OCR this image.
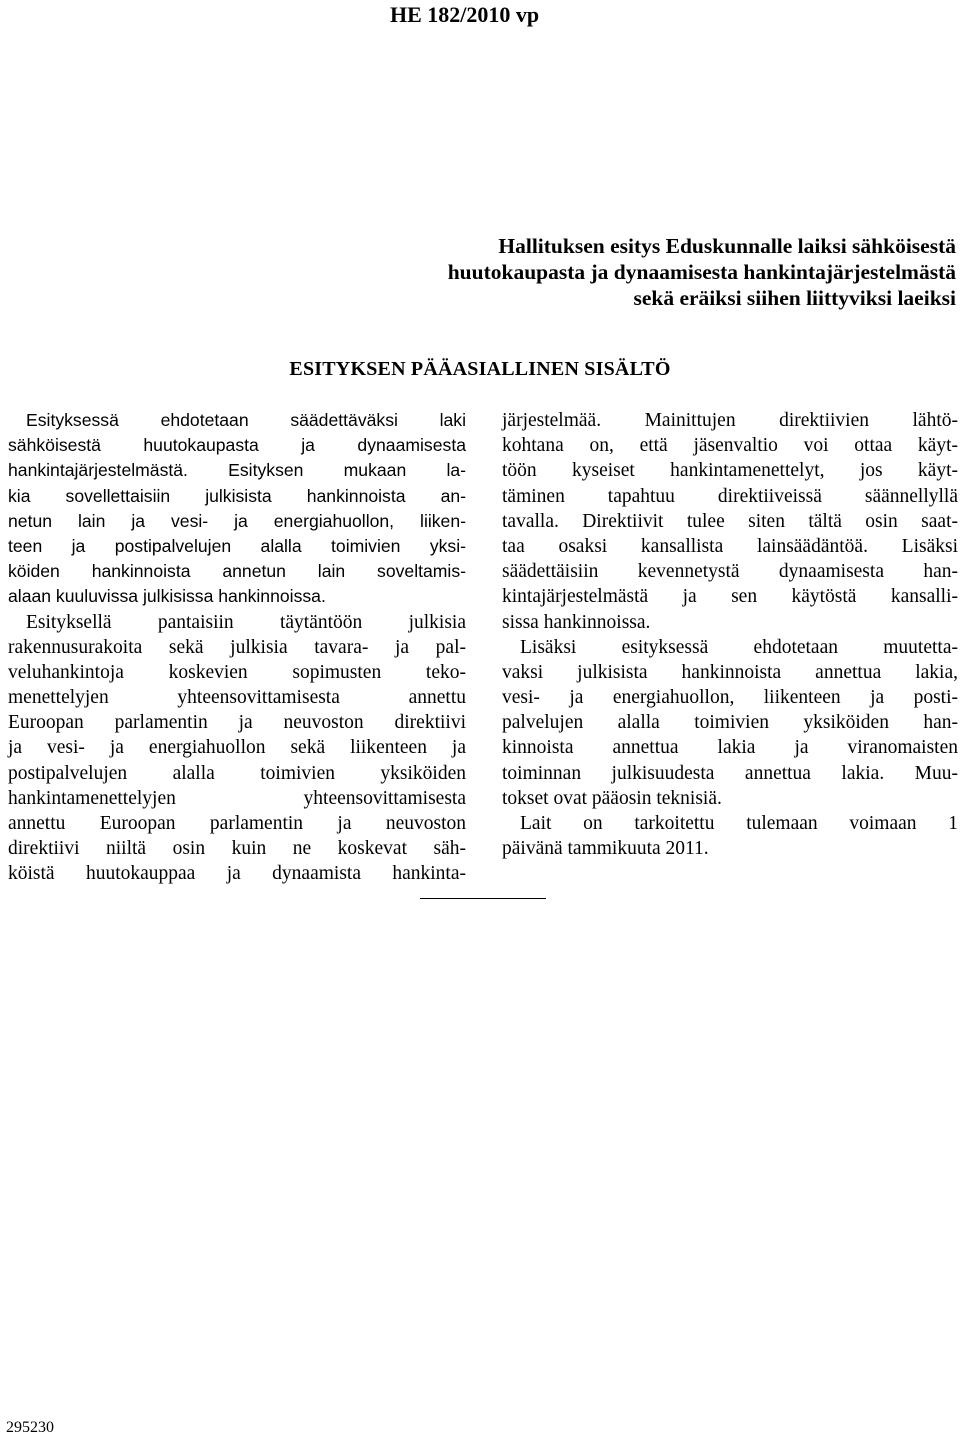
HE 182/2010 vp
Hallituksen esitys Eduskunnalle laiksi sähköisestä
huutokaupasta ja dynaamisesta hankintajärjestelmästä
sekä eräiksi siihen liittyviksi laeiksi
ESITYKSEN PÄÄASIALLINEN SISÄLTÖ
Esityksessä ehdotetaan säädettäväksi laki
sähköisestä huutokaupasta ja dynaamisesta
hankintajärjestelmästä. Esityksen mukaan la-
kia sovellettaisiin julkisista hankinnoista an-
netun lain ja vesi- ja energiahuollon, liiken-
teen ja postipalvelujen alalla toimivien yksi-
köiden hankinnoista annetun lain soveltamis-
alaan kuuluvissa julkisissa hankinnoissa.
Esityksellä pantaisiin täytäntöön julkisia
rakennusurakoita sekä julkisia tavara- ja pal-
veluhankintoja koskevien sopimusten teko-
menettelyjen yhteensovittamisesta annettu
Euroopan parlamentin ja neuvoston direktiivi
ja vesi- ja energiahuollon sekä liikenteen ja
postipalvelujen alalla toimivien yksiköiden
hankintamenettelyjen yhteensovittamisesta
annettu Euroopan parlamentin ja neuvoston
direktiivi niiltä osin kuin ne koskevat säh-
köistä huutokauppaa ja dynaamista hankinta-
järjestelmää. Mainittujen direktiivien lähtö-
kohtana on, että jäsenvaltio voi ottaa käyt-
töön kyseiset hankintamenettelyt, jos käyt-
täminen tapahtuu direktiiveissä säännellyllä
tavalla. Direktiivit tulee siten tältä osin saat-
taa osaksi kansallista lainsäädäntöä. Lisäksi
säädettäisiin kevennetystä dynaamisesta han-
kintajärjestelmästä ja sen käytöstä kansalli-
sissa hankinnoissa.
Lisäksi esityksessä ehdotetaan muutetta-
vaksi julkisista hankinnoista annettua lakia,
vesi- ja energiahuollon, liikenteen ja posti-
palvelujen alalla toimivien yksiköiden han-
kinnoista annettua lakia ja viranomaisten
toiminnan julkisuudesta annettua lakia. Muu-
tokset ovat pääosin teknisiä.
Lait on tarkoitettu tulemaan voimaan 1
päivänä tammikuuta 2011.
295230
